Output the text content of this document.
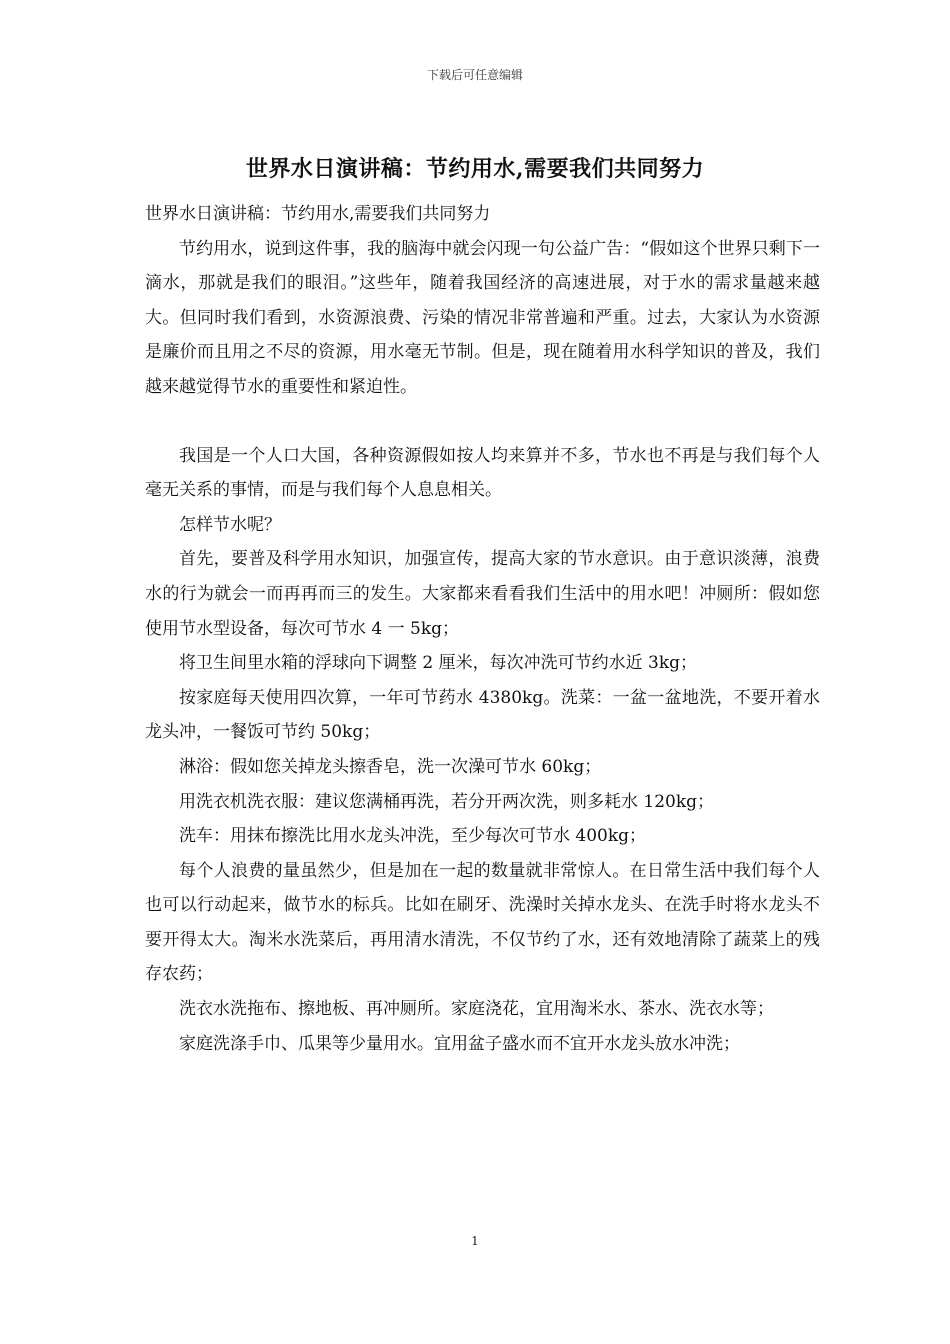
下载后可任意编辑
世界水日演讲稿：节约用水,需要我们共同努力

世界水日演讲稿：节约用水,需要我们共同努力

节约用水，说到这件事，我的脑海中就会闪现一句公益广告：“假如这个世界只剩下一滴水，那就是我们的眼泪。”这些年，随着我国经济的高速进展，对于水的需求量越来越大。但同时我们看到，水资源浪费、污染的情况非常普遍和严重。过去，大家认为水资源是廉价而且用之不尽的资源，用水毫无节制。但是，现在随着用水科学知识的普及，我们越来越觉得节水的重要性和紧迫性。

我国是一个人口大国，各种资源假如按人均来算并不多，节水也不再是与我们每个人毫无关系的事情，而是与我们每个人息息相关。

怎样节水呢？

首先，要普及科学用水知识，加强宣传，提高大家的节水意识。由于意识淡薄，浪费水的行为就会一而再再而三的发生。大家都来看看我们生活中的用水吧！冲厕所：假如您使用节水型设备，每次可节水 4 一 5kg；

将卫生间里水箱的浮球向下调整 2 厘米，每次冲洗可节约水近 3kg；

按家庭每天使用四次算，一年可节药水 4380kg。洗菜：一盆一盆地洗，不要开着水龙头冲，一餐饭可节约 50kg；

淋浴：假如您关掉龙头擦香皂，洗一次澡可节水 60kg；

用洗衣机洗衣服：建议您满桶再洗，若分开两次洗，则多耗水 120kg；

洗车：用抹布擦洗比用水龙头冲洗，至少每次可节水 400kg；

每个人浪费的量虽然少，但是加在一起的数量就非常惊人。在日常生活中我们每个人也可以行动起来，做节水的标兵。比如在刷牙、洗澡时关掉水龙头、在洗手时将水龙头不要开得太大。淘米水洗菜后，再用清水清洗，不仅节约了水，还有效地清除了蔬菜上的残存农药；

洗衣水洗拖布、擦地板、再冲厕所。家庭浇花，宜用淘米水、茶水、洗衣水等；

家庭洗涤手巾、瓜果等少量用水。宜用盆子盛水而不宜开水龙头放水冲洗；

1
